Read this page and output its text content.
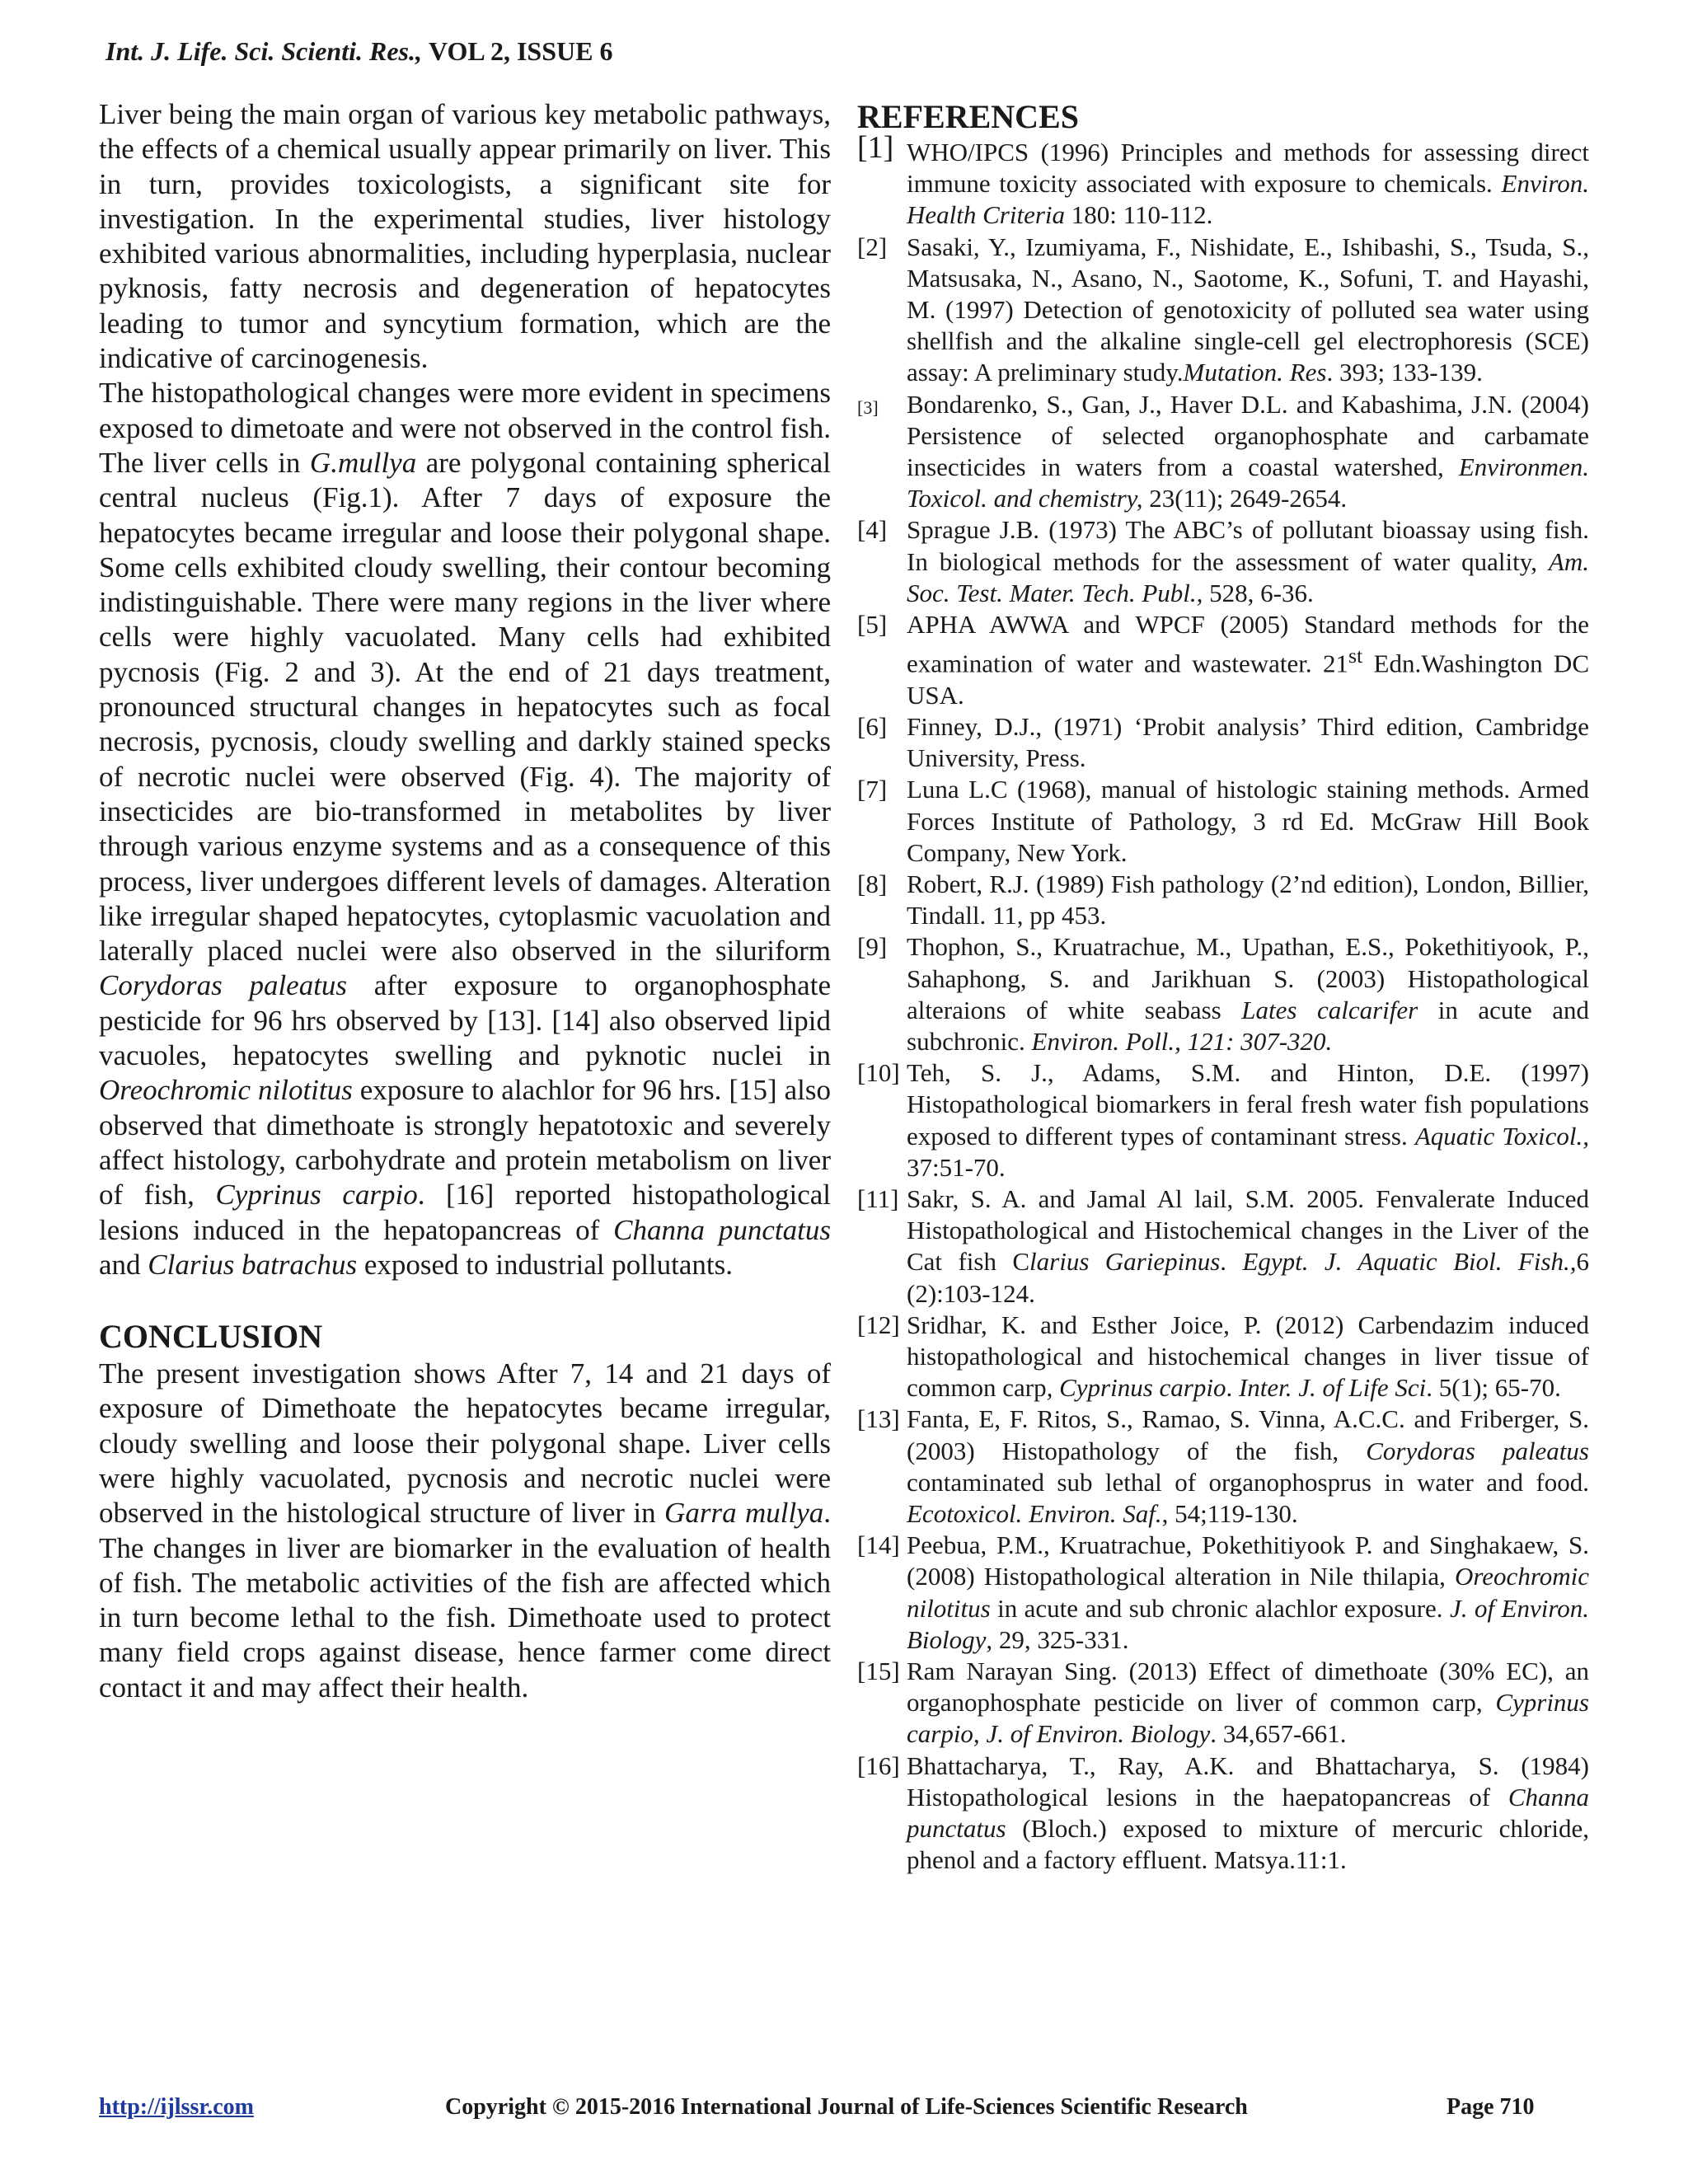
Int. J. Life. Sci. Scienti. Res., VOL 2, ISSUE 6

Liver being the main organ of various key metabolic pathways, the effects of a chemical usually appear primarily on liver. This in turn, provides toxicologists, a significant site for investigation. In the experimental studies, liver histology exhibited various abnormalities, including hyperplasia, nuclear pyknosis, fatty necrosis and degeneration of hepatocytes leading to tumor and syncytium formation, which are the indicative of carcinogenesis.

The histopathological changes were more evident in specimens exposed to dimetoate and were not observed in the control fish. The liver cells in G.mullya are polygonal containing spherical central nucleus (Fig.1). After 7 days of exposure the hepatocytes became irregular and loose their polygonal shape. Some cells exhibited cloudy swelling, their contour becoming indistinguishable. There were many regions in the liver where cells were highly vacuolated. Many cells had exhibited pycnosis (Fig. 2 and 3). At the end of 21 days treatment, pronounced structural changes in hepatocytes such as focal necrosis, pycnosis, cloudy swelling and darkly stained specks of necrotic nuclei were observed (Fig. 4). The majority of insecticides are bio-transformed in metabolites by liver through various enzyme systems and as a consequence of this process, liver undergoes different levels of damages. Alteration like irregular shaped hepatocytes, cytoplasmic vacuolation and laterally placed nuclei were also observed in the siluriform Corydoras paleatus after exposure to organophosphate pesticide for 96 hrs observed by [13]. [14] also observed lipid vacuoles, hepatocytes swelling and pyknotic nuclei in Oreochromic nilotitus exposure to alachlor for 96 hrs. [15] also observed that dimethoate is strongly hepatotoxic and severely affect histology, carbohydrate and protein metabolism on liver of fish, Cyprinus carpio. [16] reported histopathological lesions induced in the hepatopancreas of Channa punctatus and Clarius batrachus exposed to industrial pollutants.

CONCLUSION

The present investigation shows After 7, 14 and 21 days of exposure of Dimethoate the hepatocytes became irregular, cloudy swelling and loose their polygonal shape. Liver cells were highly vacuolated, pycnosis and necrotic nuclei were observed in the histological structure of liver in Garra mullya. The changes in liver are biomarker in the evaluation of health of fish. The metabolic activities of the fish are affected which in turn become lethal to the fish. Dimethoate used to protect many field crops against disease, hence farmer come direct contact it and may affect their health.

REFERENCES
[1] WHO/IPCS (1996) Principles and methods for assessing direct immune toxicity associated with exposure to chemicals. Environ. Health Criteria 180: 110-112.
[2] Sasaki, Y., Izumiyama, F., Nishidate, E., Ishibashi, S., Tsuda, S., Matsusaka, N., Asano, N., Saotome, K., Sofuni, T. and Hayashi, M. (1997) Detection of genotoxicity of polluted sea water using shellfish and the alkaline single-cell gel electrophoresis (SCE) assay: A preliminary study.Mutation. Res. 393; 133-139.
[3]	Bondarenko, S., Gan, J., Haver D.L. and Kabashima, J.N. (2004) Persistence of selected organophosphate and carbamate insecticides in waters from a coastal watershed, Environmen. Toxicol. and chemistry, 23(11); 2649-2654.
[4] Sprague J.B. (1973) The ABC’s of pollutant bioassay using fish. In biological methods for the assessment of water quality, Am. Soc. Test. Mater. Tech. Publ., 528, 6-36.
[5] APHA AWWA and WPCF (2005) Standard methods for the examination of water and wastewater. 21st Edn.Washington DC USA.
[6] Finney, D.J., (1971) ‘Probit analysis’ Third edition, Cambridge University, Press.
[7] Luna L.C (1968), manual of histologic staining methods. Armed Forces Institute of Pathology, 3 rd Ed. McGraw Hill Book Company, New York.
[8] Robert, R.J. (1989) Fish pathology (2’nd edition), London, Billier, Tindall. 11, pp 453.
[9] Thophon, S., Kruatrachue, M., Upathan, E.S., Pokethitiyook, P., Sahaphong, S. and Jarikhuan S. (2003) Histopathological alteraions of white seabass Lates calcarifer in acute and subchronic. Environ. Poll., 121: 307-320.
[10] Teh, S. J., Adams, S.M. and Hinton, D.E. (1997) Histopathological biomarkers in feral fresh water fish populations exposed to different types of contaminant stress. Aquatic Toxicol., 37:51-70.
[11] Sakr, S. A. and Jamal Al lail, S.M. 2005. Fenvalerate Induced Histopathological and Histochemical changes in the Liver of the Cat fish Clarius Gariepinus. Egypt. J. Aquatic Biol. Fish.,6 (2):103-124.
[12] Sridhar, K. and Esther Joice, P. (2012) Carbendazim induced histopathological and histochemical changes in liver tissue of common carp, Cyprinus carpio. Inter. J. of Life Sci. 5(1); 65-70.
[13] Fanta, E, F. Ritos, S., Ramao, S. Vinna, A.C.C. and Friberger, S. (2003) Histopathology of the fish, Corydoras paleatus contaminated sub lethal of organophosprus in water and food. Ecotoxicol. Environ. Saf., 54;119-130.
[14] Peebua, P.M., Kruatrachue, Pokethitiyook P. and Singhakaew, S.(2008) Histopathological alteration in Nile thilapia, Oreochromic nilotitus in acute and sub chronic alachlor exposure. J. of Environ. Biology, 29, 325-331.
[15] Ram Narayan Sing. (2013) Effect of dimethoate (30% EC), an organophosphate pesticide on liver of common carp, Cyprinus carpio, J. of Environ. Biology. 34,657-661.
[16] Bhattacharya, T., Ray, A.K. and Bhattacharya, S. (1984) Histopathological lesions in the haepatopancreas of Channa punctatus (Bloch.) exposed to mixture of mercuric chloride, phenol and a factory effluent. Matsya.11:1.
http://ijlssr.com	Copyright © 2015-2016 International Journal of Life-Sciences Scientific Research	Page 710
